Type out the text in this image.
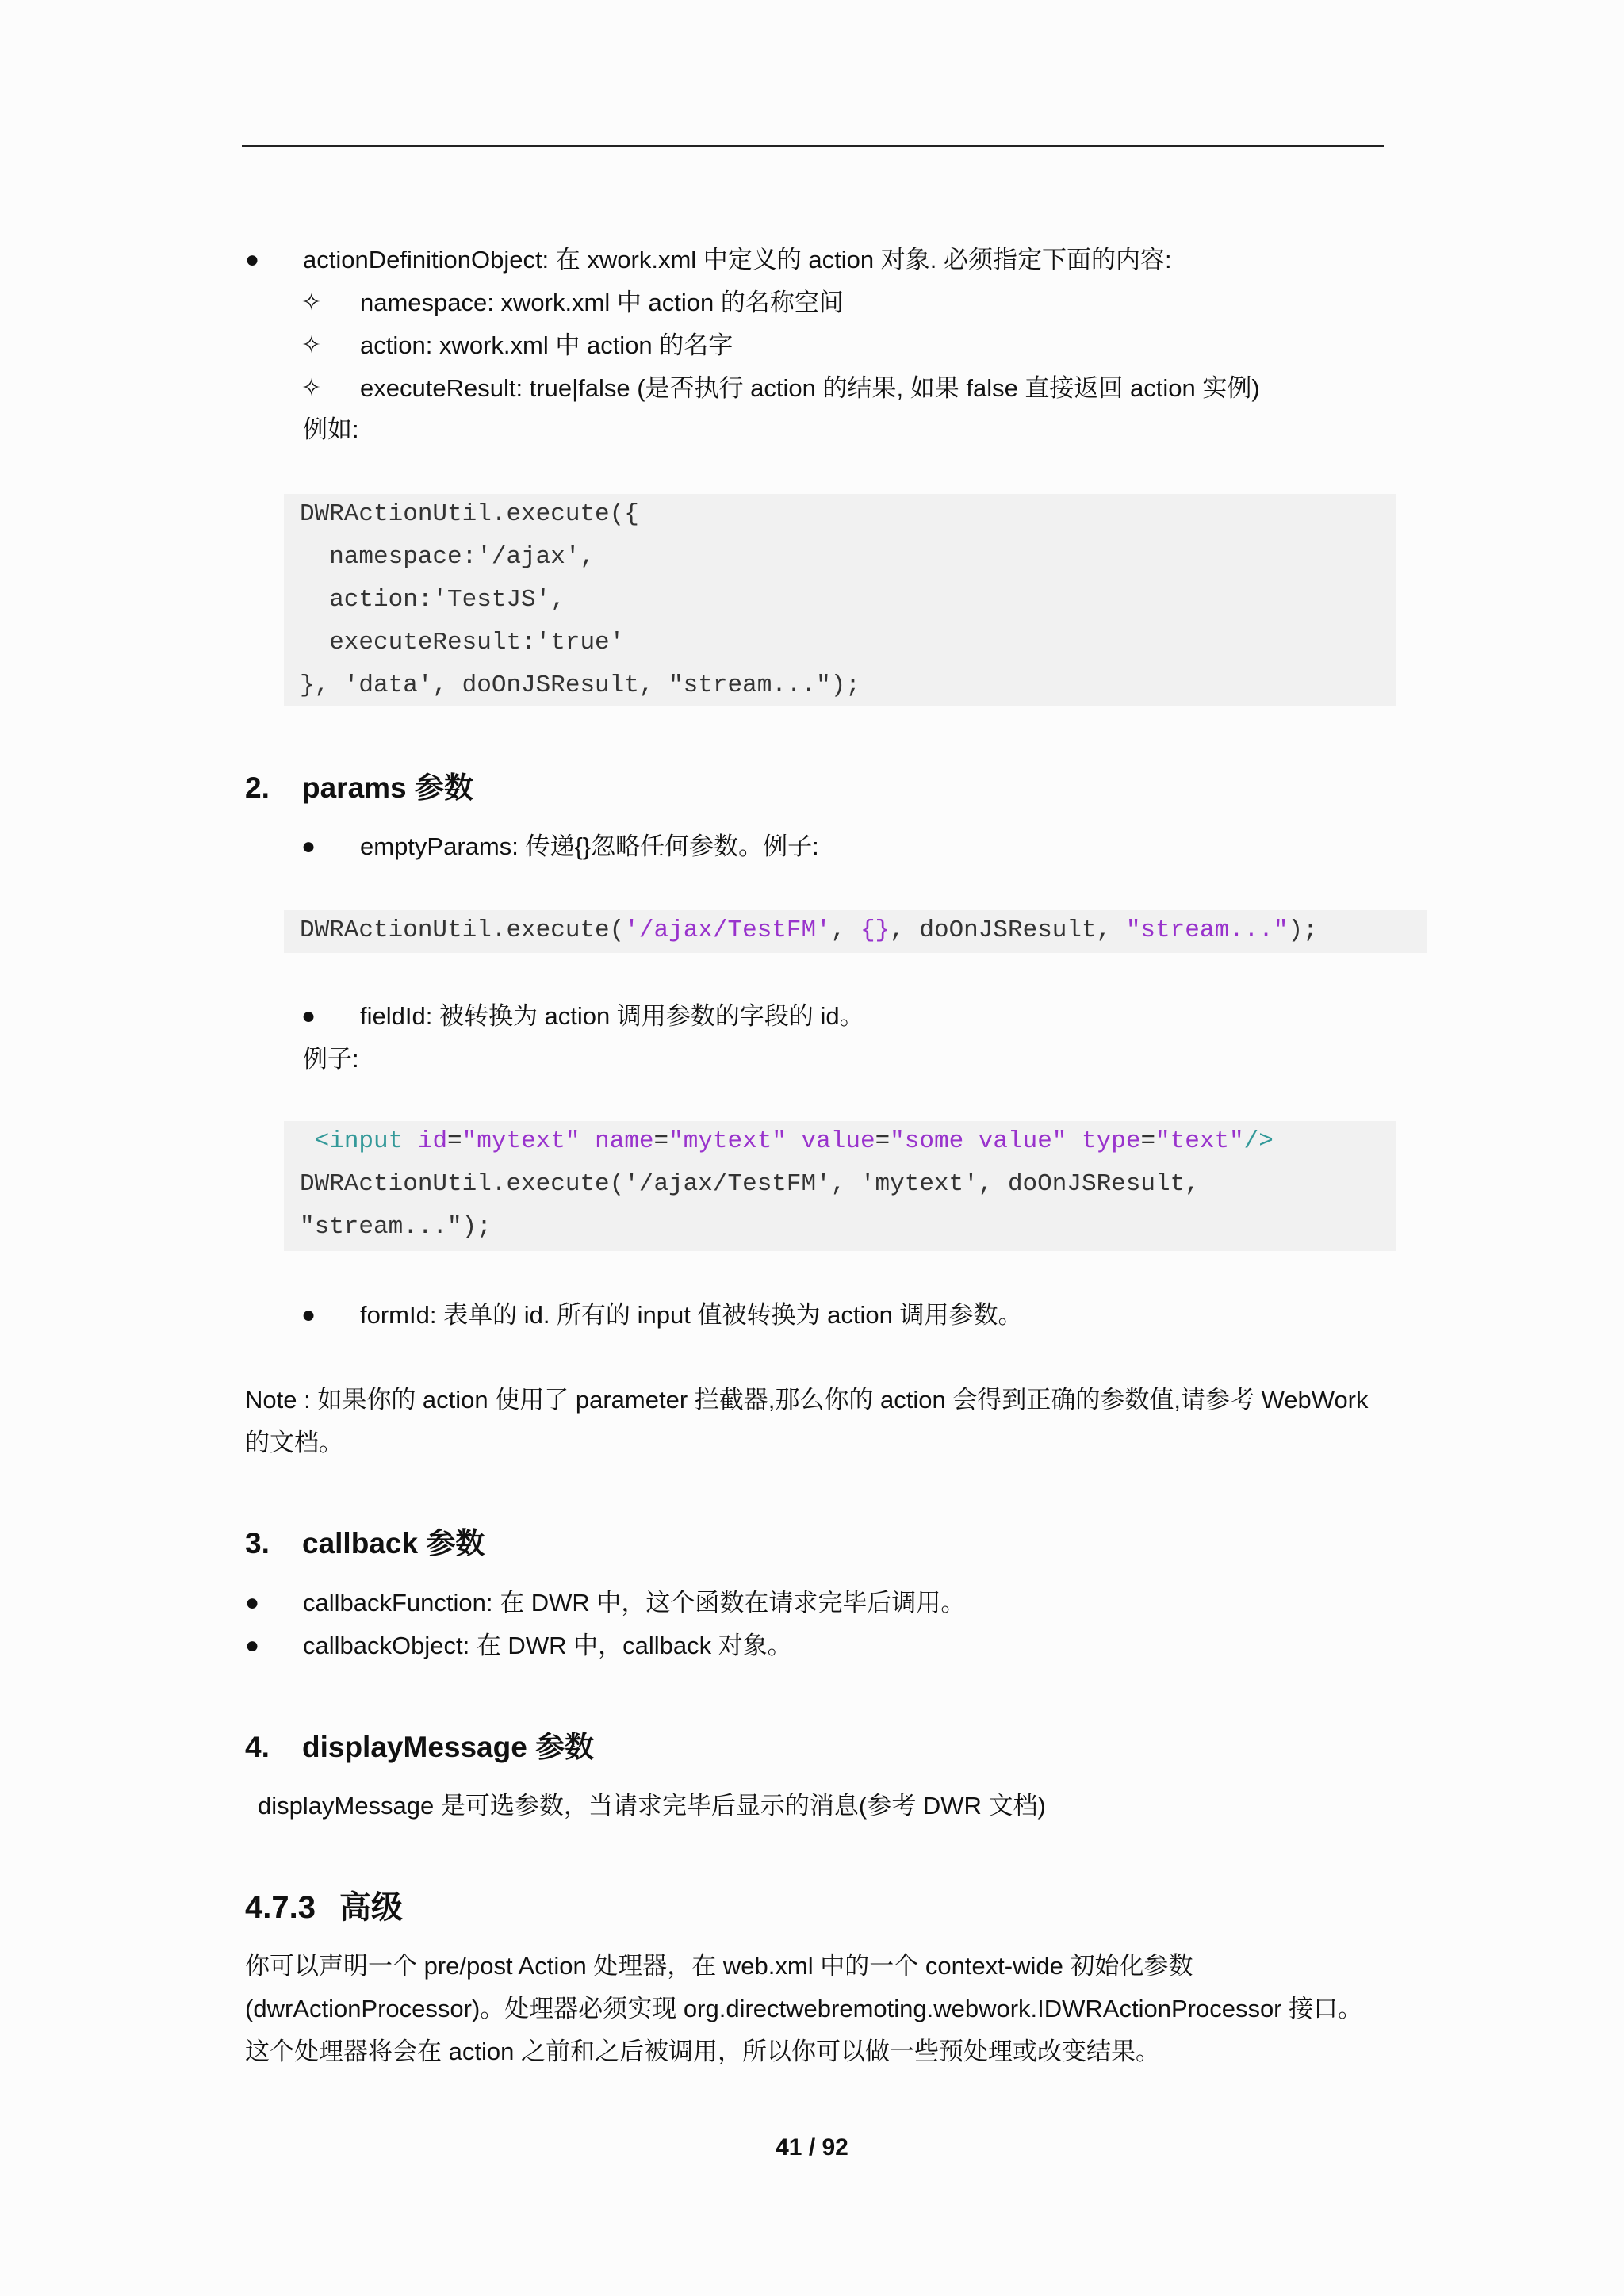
● actionDefinitionObject: 在 xwork.xml 中定义的 action 对象. 必须指定下面的内容:
✧ namespace: xwork.xml 中 action 的名称空间
✧ action: xwork.xml 中 action 的名字
✧ executeResult: true|false (是否执行 action 的结果, 如果 false 直接返回 action 实例)
例如:

DWRActionUtil.execute({

namespace:'/ajax',

action:'TestJS',

executeResult:'true'

}, 'data', doOnJSResult, "stream...");

2. params 参数
● emptyParams: 传递{}忽略任何参数。例子:

DWRActionUtil.execute('/ajax/TestFM', {}, doOnJSResult, "stream...");

● fieldId: 被转换为 action 调用参数的字段的 id。
例子:

<input id="mytext" name="mytext" value="some value" type="text"/>

DWRActionUtil.execute('/ajax/TestFM', 'mytext', doOnJSResult,

"stream...");

● formId: 表单的 id. 所有的 input 值被转换为 action 调用参数。
Note : 如果你的 action 使用了 parameter 拦截器,那么你的 action 会得到正确的参数值,请参考 WebWork
的文档。
3. callback 参数
● callbackFunction: 在 DWR 中，这个函数在请求完毕后调用。
● callbackObject: 在 DWR 中，callback 对象。
4. displayMessage 参数
displayMessage 是可选参数，当请求完毕后显示的消息(参考 DWR 文档)
4.7.3 高级
你可以声明一个 pre/post Action 处理器，在 web.xml 中的一个 context-wide 初始化参数
(dwrActionProcessor)。处理器必须实现 org.directwebremoting.webwork.IDWRActionProcessor 接口。
这个处理器将会在 action 之前和之后被调用，所以你可以做一些预处理或改变结果。
41 / 92
